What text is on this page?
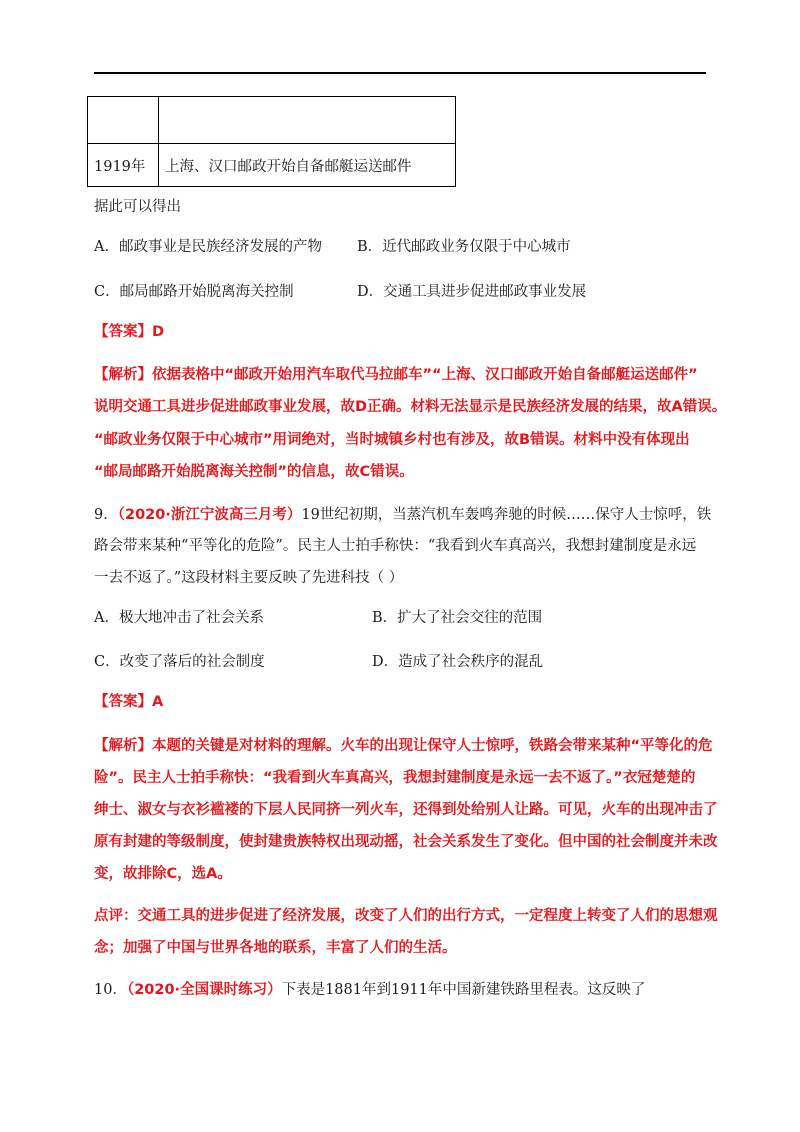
1919年	上海、汉口邮政开始自备邮艇运送邮件
据此可以得出
A．邮政事业是民族经济发展的产物 B．近代邮政业务仅限于中心城市
C．邮局邮路开始脱离海关控制	D．交通工具进步促进邮政事业发展
【答案】D
【解析】依据表格中“邮政开始用汽车取代马拉邮车”“上海、汉口邮政开始自备邮艇运送邮件”
说明交通工具进步促进邮政事业发展，故D正确。材料无法显示是民族经济发展的结果，故A错误。
“邮政业务仅限于中心城市”用词绝对，当时城镇乡村也有涉及，故B错误。材料中没有体现出
“邮局邮路开始脱离海关控制”的信息，故C错误。
9．（2020·浙江宁波高三月考）19世纪初期，当蒸汽机车轰鸣奔驰的时候……保守人士惊呼，铁
路会带来某种“平等化的危险”。民主人士拍手称快：“我看到火车真高兴，我想封建制度是永远
一去不返了。”这段材料主要反映了先进科技（ ）
A．极大地冲击了社会关系	B．扩大了社会交往的范围
C．改变了落后的社会制度	D．造成了社会秩序的混乱
【答案】A
【解析】本题的关键是对材料的理解。火车的出现让保守人士惊呼，铁路会带来某种“平等化的危
险”。民主人士拍手称快：“我看到火车真高兴，我想封建制度是永远一去不返了。”衣冠楚楚的
绅士、淑女与衣衫褴褛的下层人民同挤一列火车，还得到处给别人让路。可见，火车的出现冲击了
原有封建的等级制度，使封建贵族特权出现动摇，社会关系发生了变化。但中国的社会制度并未改
变，故排除C，选A。
点评：交通工具的进步促进了经济发展，改变了人们的出行方式，一定程度上转变了人们的思想观
念；加强了中国与世界各地的联系，丰富了人们的生活。
10．（2020·全国课时练习）下表是1881年到1911年中国新建铁路里程表。这反映了
